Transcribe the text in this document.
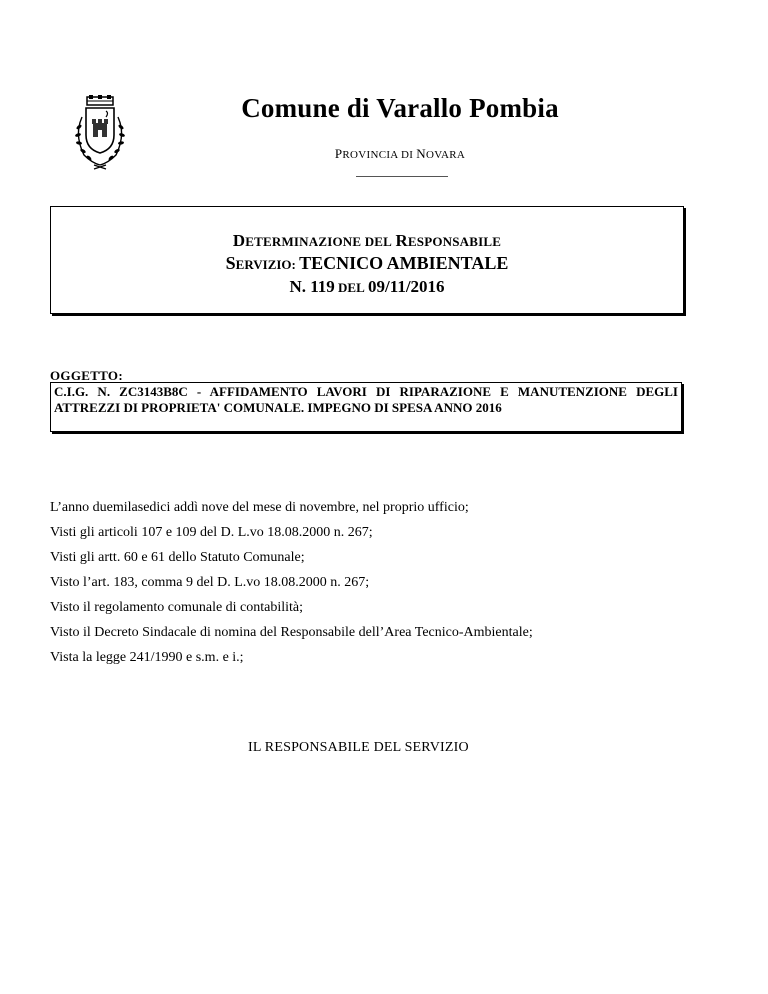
Comune di Varallo Pombia
PROVINCIA DI NOVARA
DETERMINAZIONE DEL RESPONSABILE
SERVIZIO: TECNICO AMBIENTALE
N. 119 DEL 09/11/2016
OGGETTO:
C.I.G. N. ZC3143B8C - AFFIDAMENTO LAVORI DI RIPARAZIONE E MANUTENZIONE DEGLI ATTREZZI DI PROPRIETA' COMUNALE. IMPEGNO DI SPESA ANNO 2016
L’anno duemilasedici addì nove del mese di novembre, nel proprio ufficio;
Visti gli articoli 107 e 109 del D. L.vo 18.08.2000 n. 267;
Visti gli artt. 60 e 61 dello Statuto Comunale;
Visto l’art. 183, comma 9 del D. L.vo 18.08.2000 n. 267;
Visto il regolamento comunale di contabilità;
Visto il Decreto Sindacale di nomina del Responsabile dell’Area Tecnico-Ambientale;
Vista la legge 241/1990 e s.m. e i.;
IL RESPONSABILE DEL SERVIZIO
